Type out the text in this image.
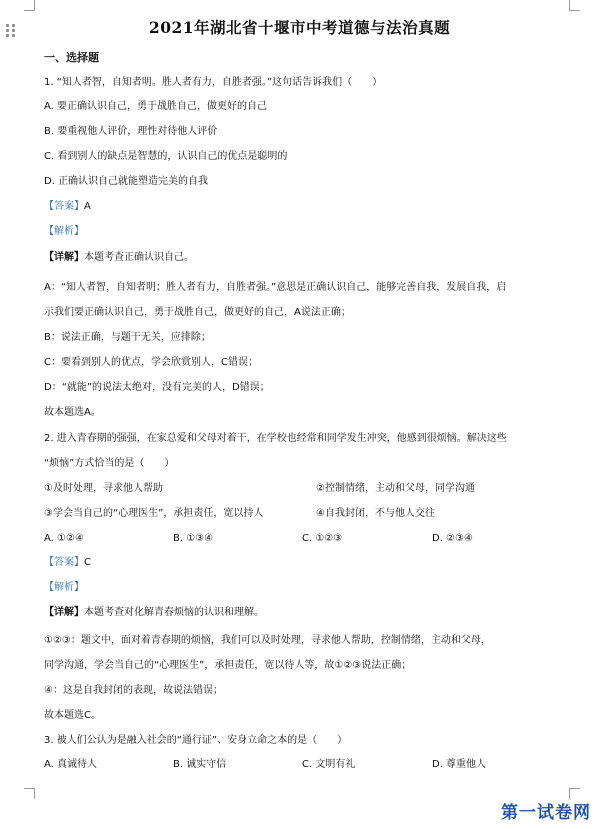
2021年湖北省十堰市中考道德与法治真题
一、选择题
1. “知人者智，自知者明。胜人者有力，自胜者强。”这句话告诉我们（　　）
A. 要正确认识自己，勇于战胜自己，做更好的自己
B. 要重视他人评价，理性对待他人评价
C. 看到别人的缺点是智慧的，认识自己的优点是聪明的
D. 正确认识自己就能塑造完美的自我
【答案】A
【解析】
【详解】本题考查正确认识自己。
A：“知人者智，自知者明；胜人者有力，自胜者强。”意思是正确认识自己，能够完善自我，发展自我，启
示我们要正确认识自己，勇于战胜自己，做更好的自己，A说法正确；
B：说法正确，与题干无关，应排除；
C：要看到别人的优点，学会欣赏别人，C错误；
D：“就能”的说法太绝对，没有完美的人，D错误；
故本题选A。
2. 进入青春期的强强，在家总爱和父母对着干，在学校也经常和同学发生冲突，他感到很烦恼。解决这些
“烦恼”方式恰当的是（　　）
①及时处理，寻求他人帮助	②控制情绪，主动和父母，同学沟通
③学会当自己的“心理医生”，承担责任，宽以持人	④自我封闭，不与他人交往
A. ①②④	B. ①③④	C. ①②③	D. ②③④
【答案】C
【解析】
【详解】本题考查对化解青春烦恼的认识和理解。
①②③：题文中，面对着青春期的烦恼，我们可以及时处理，寻求他人帮助，控制情绪，主动和父母，
同学沟通，学会当自己的“心理医生”，承担责任，宽以待人等，故①②③说法正确；
④：这是自我封闭的表现，故说法错误；
故本题选C。
3. 被人们公认为是融入社会的“通行证”、安身立命之本的是（　　）
A. 真诚待人	B. 诚实守信	C. 文明有礼	D. 尊重他人
第一试卷网
